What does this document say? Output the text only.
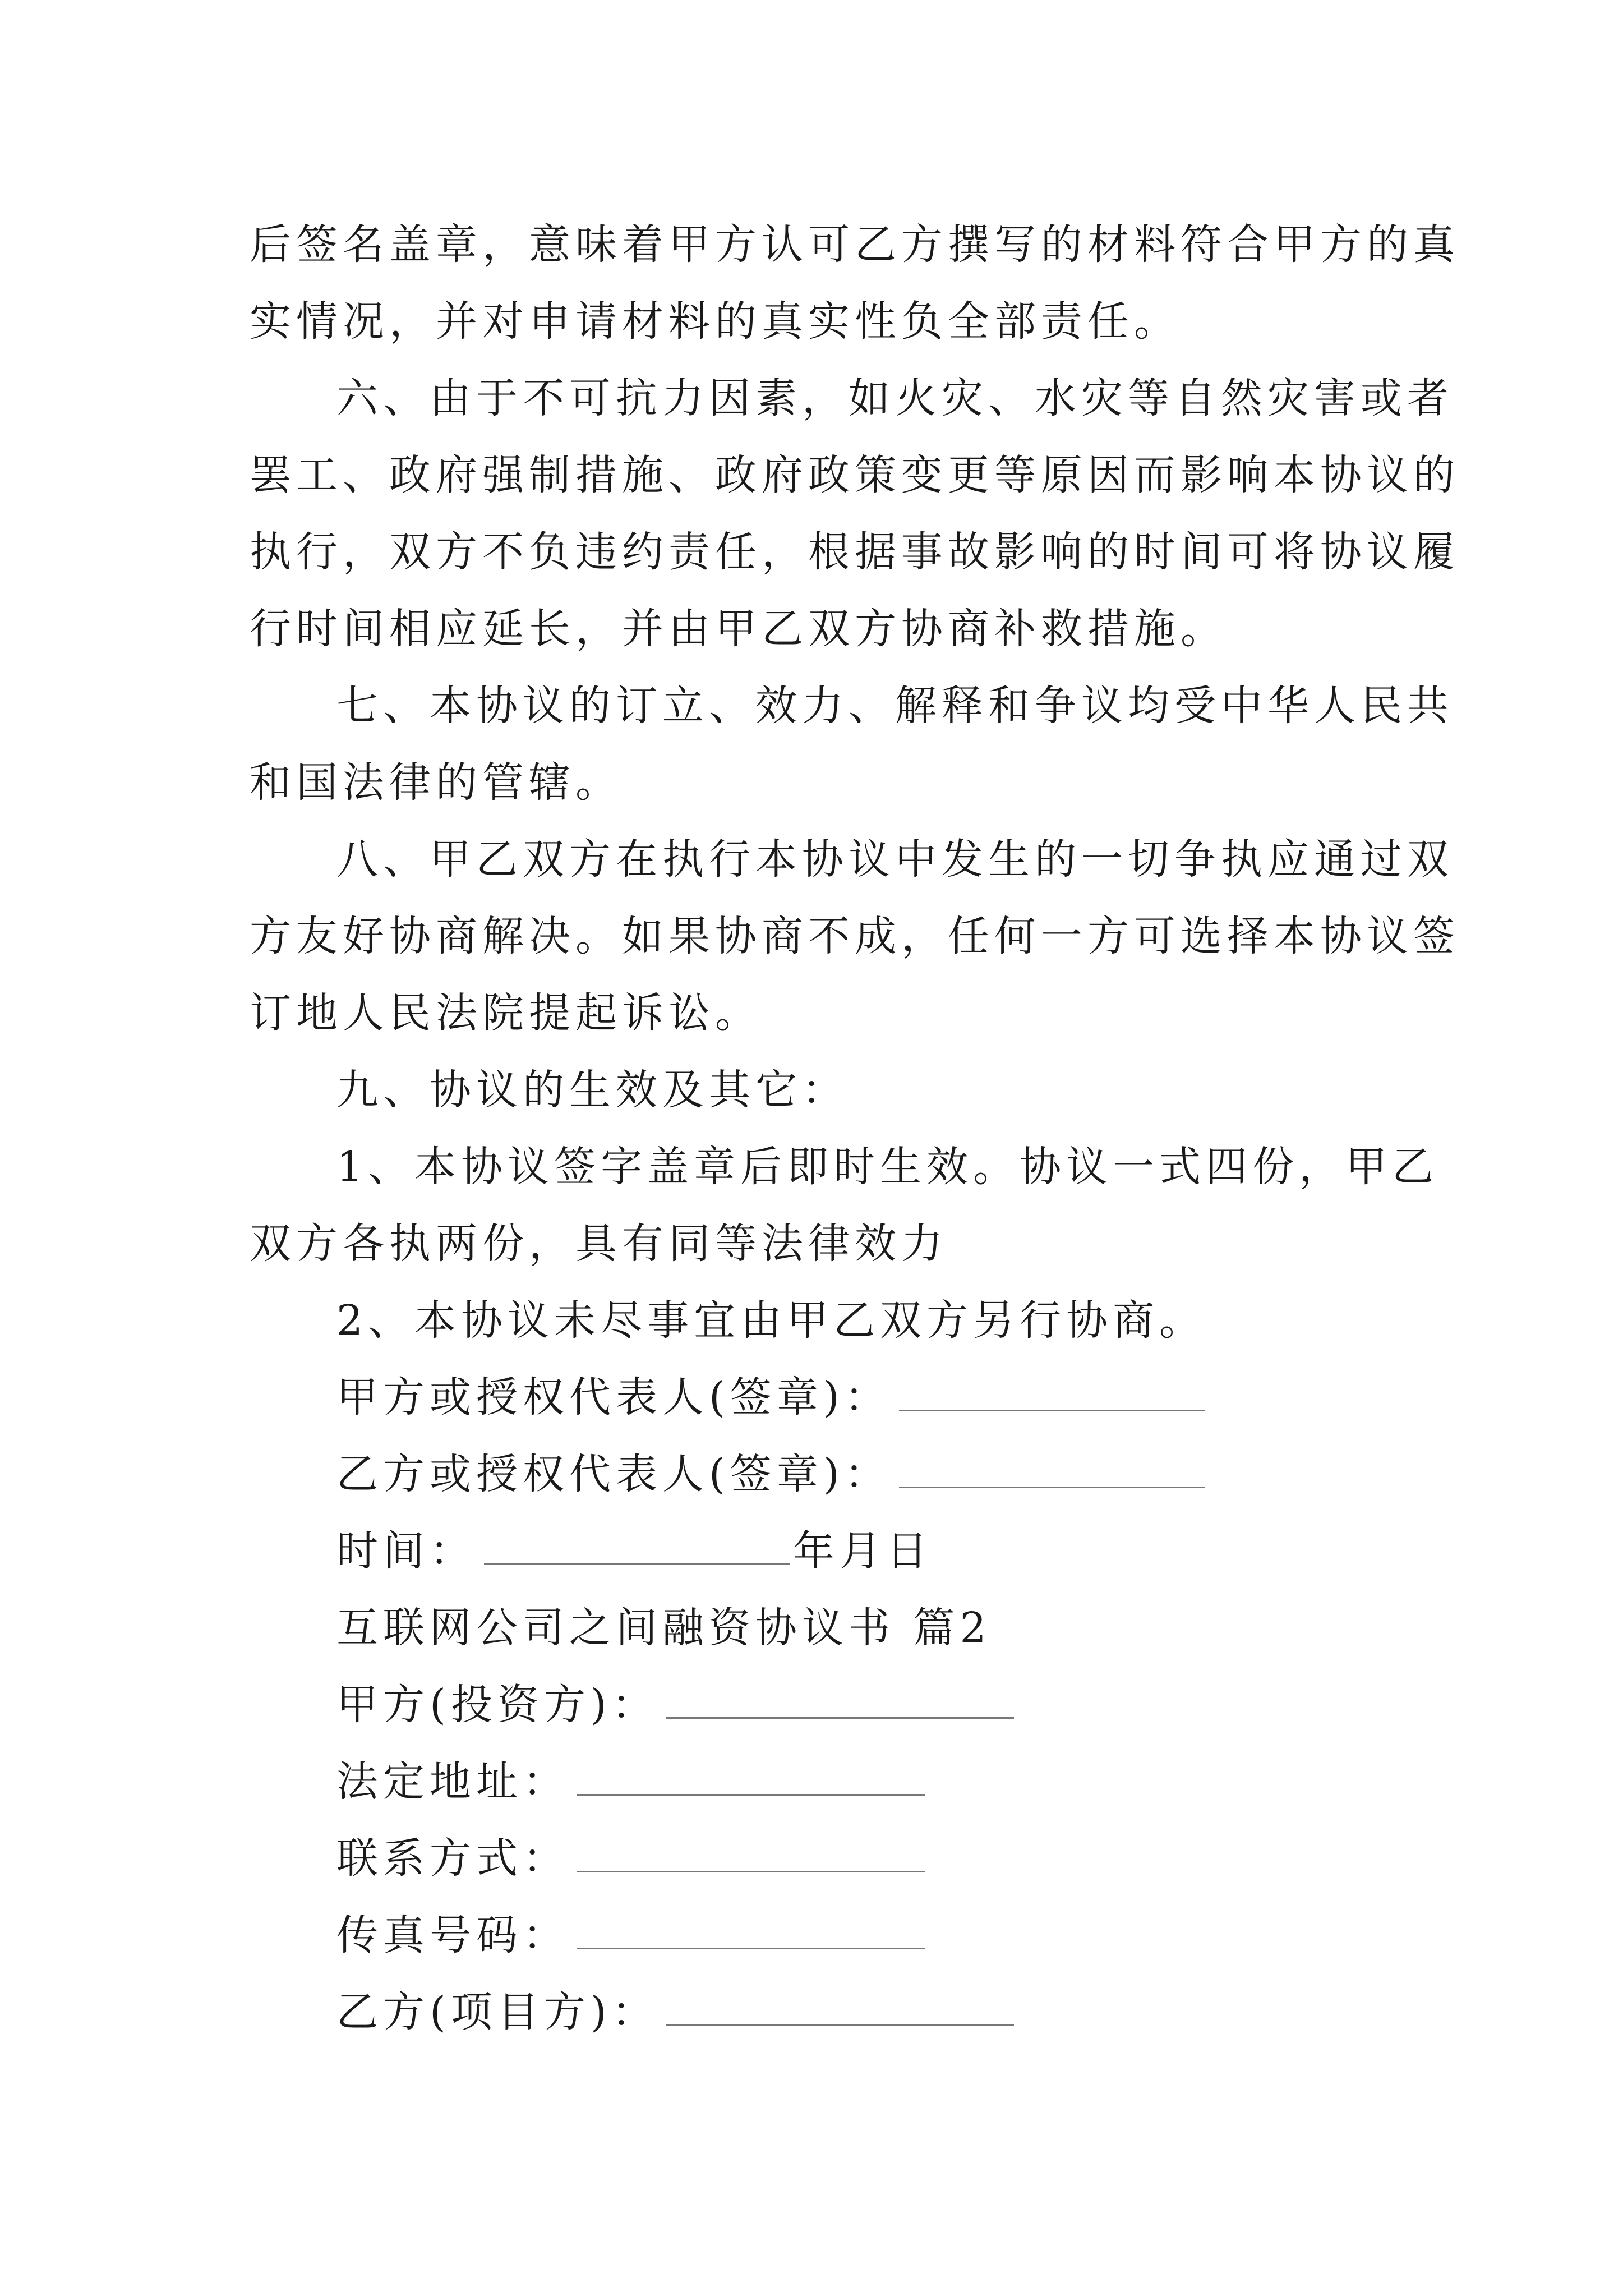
后签名盖章，意味着甲方认可乙方撰写的材料符合甲方的真
实情况，并对申请材料的真实性负全部责任。
六、由于不可抗力因素，如火灾、水灾等自然灾害或者
罢工、政府强制措施、政府政策变更等原因而影响本协议的
执行，双方不负违约责任，根据事故影响的时间可将协议履
行时间相应延长，并由甲乙双方协商补救措施。
七、本协议的订立、效力、解释和争议均受中华人民共
和国法律的管辖。
八、甲乙双方在执行本协议中发生的一切争执应通过双
方友好协商解决。如果协商不成，任何一方可选择本协议签
订地人民法院提起诉讼。
九、协议的生效及其它：
1、本协议签字盖章后即时生效。协议一式四份，甲乙
双方各执两份，具有同等法律效力
2、本协议未尽事宜由甲乙双方另行协商。
甲方或授权代表人(签章)：
乙方或授权代表人(签章)：
时间：	年月日
互联网公司之间融资协议书 篇2
甲方(投资方)：
法定地址：
联系方式：
传真号码：
乙方(项目方)：
